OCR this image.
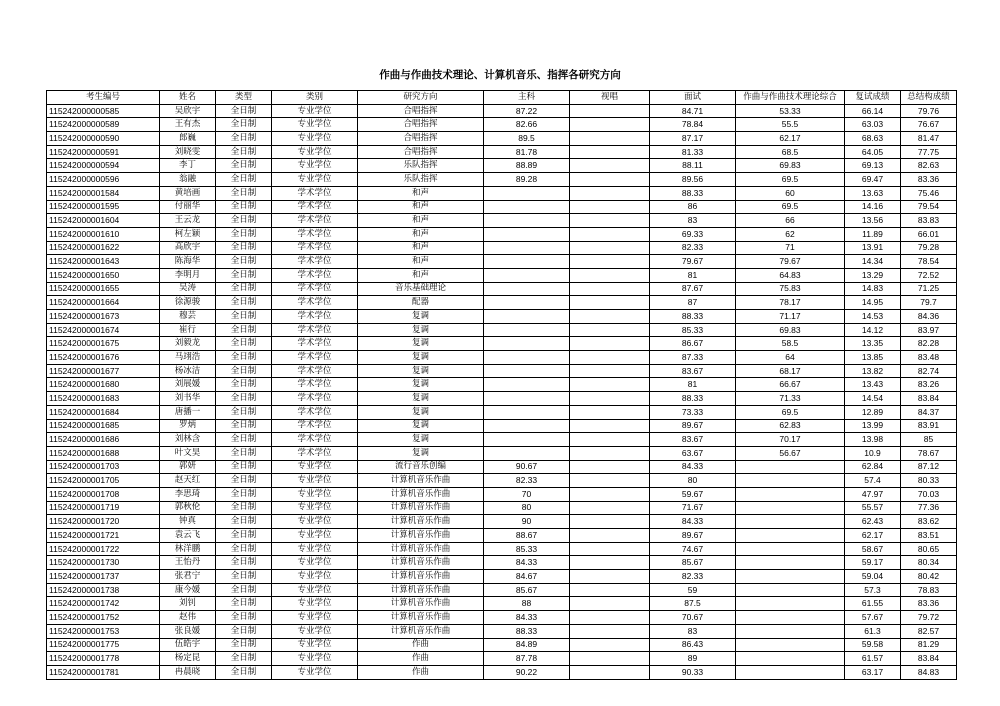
作曲与作曲技术理论、计算机音乐、指挥各研究方向
考生编号	姓名	类型	类别	研究方向	主科	视唱	面试	作曲与作曲技术理论综合	复试成绩	总结构成绩
115242000000585	吴欣宇	全日制	专业学位	合唱指挥	87.22		84.71	53.33	66.14	79.76
115242000000589	王有杰	全日制	专业学位	合唱指挥	82.66		78.84	55.5	63.03	76.67
115242000000590	郎巍	全日制	专业学位	合唱指挥	89.5		87.17	62.17	68.63	81.47
115242000000591	刘晓雯	全日制	专业学位	合唱指挥	81.78		81.33	68.5	64.05	77.75
115242000000594	李丁	全日制	专业学位	乐队指挥	88.89		88.11	69.83	69.13	82.63
115242000000596	翁融	全日制	专业学位	乐队指挥	89.28		89.56	69.5	69.47	83.36
115242000001584	黄培画	全日制	学术学位	和声			88.33	60	13.63	75.46
115242000001595	付丽华	全日制	学术学位	和声			86	69.5	14.16	79.54
115242000001604	王云龙	全日制	学术学位	和声			83	66	13.56	83.83
115242000001610	柯左颖	全日制	学术学位	和声			69.33	62	11.89	66.01
115242000001622	高欣宇	全日制	学术学位	和声			82.33	71	13.91	79.28
115242000001643	陈海华	全日制	学术学位	和声			79.67	79.67	14.34	78.54
115242000001650	李明月	全日制	学术学位	和声			81	64.83	13.29	72.52
115242000001655	吴涛	全日制	学术学位	音乐基础理论			87.67	75.83	14.83	71.25
115242000001664	徐源骏	全日制	学术学位	配器			87	78.17	14.95	79.7
115242000001673	穆芸	全日制	学术学位	复调			88.33	71.17	14.53	84.36
115242000001674	崔行	全日制	学术学位	复调			85.33	69.83	14.12	83.97
115242000001675	刘毅龙	全日制	学术学位	复调			86.67	58.5	13.35	82.28
115242000001676	马翊浩	全日制	学术学位	复调			87.33	64	13.85	83.48
115242000001677	杨冰洁	全日制	学术学位	复调			83.67	68.17	13.82	82.74
115242000001680	刘展媛	全日制	学术学位	复调			81	66.67	13.43	83.26
115242000001683	刘书华	全日制	学术学位	复调			88.33	71.33	14.54	83.84
115242000001684	唐播一	全日制	学术学位	复调			73.33	69.5	12.89	84.37
115242000001685	罗炳	全日制	学术学位	复调			89.67	62.83	13.99	83.91
115242000001686	刘林含	全日制	学术学位	复调			83.67	70.17	13.98	85
115242000001688	叶文昊	全日制	学术学位	复调			63.67	56.67	10.9	78.67
115242000001703	郭妍	全日制	专业学位	流行音乐创编	90.67		84.33		62.84	87.12
115242000001705	赵天红	全日制	专业学位	计算机音乐作曲	82.33		80		57.4	80.33
115242000001708	李思琦	全日制	专业学位	计算机音乐作曲	70		59.67		47.97	70.03
115242000001719	郭秋伦	全日制	专业学位	计算机音乐作曲	80		71.67		55.57	77.36
115242000001720	钟真	全日制	专业学位	计算机音乐作曲	90		84.33		62.43	83.62
115242000001721	袁云飞	全日制	专业学位	计算机音乐作曲	88.67		89.67		62.17	83.51
115242000001722	林洋鹏	全日制	专业学位	计算机音乐作曲	85.33		74.67		58.67	80.65
115242000001730	王怡丹	全日制	专业学位	计算机音乐作曲	84.33		85.67		59.17	80.34
115242000001737	张君宁	全日制	专业学位	计算机音乐作曲	84.67		82.33		59.04	80.42
115242000001738	康今媛	全日制	专业学位	计算机音乐作曲	85.67		59		57.3	78.83
115242000001742	刘钊	全日制	专业学位	计算机音乐作曲	88		87.5		61.55	83.36
115242000001752	赵伟	全日制	专业学位	计算机音乐作曲	84.33		70.67		57.67	79.72
115242000001753	张良媛	全日制	专业学位	计算机音乐作曲	88.33		83		61.3	82.57
115242000001775	伍皓宇	全日制	专业学位	作曲	84.89		86.43		59.58	81.29
115242000001778	杨定昆	全日制	专业学位	作曲	87.78		89		61.57	83.84
115242000001781	冉晨晓	全日制	专业学位	作曲	90.22		90.33		63.17	84.83
